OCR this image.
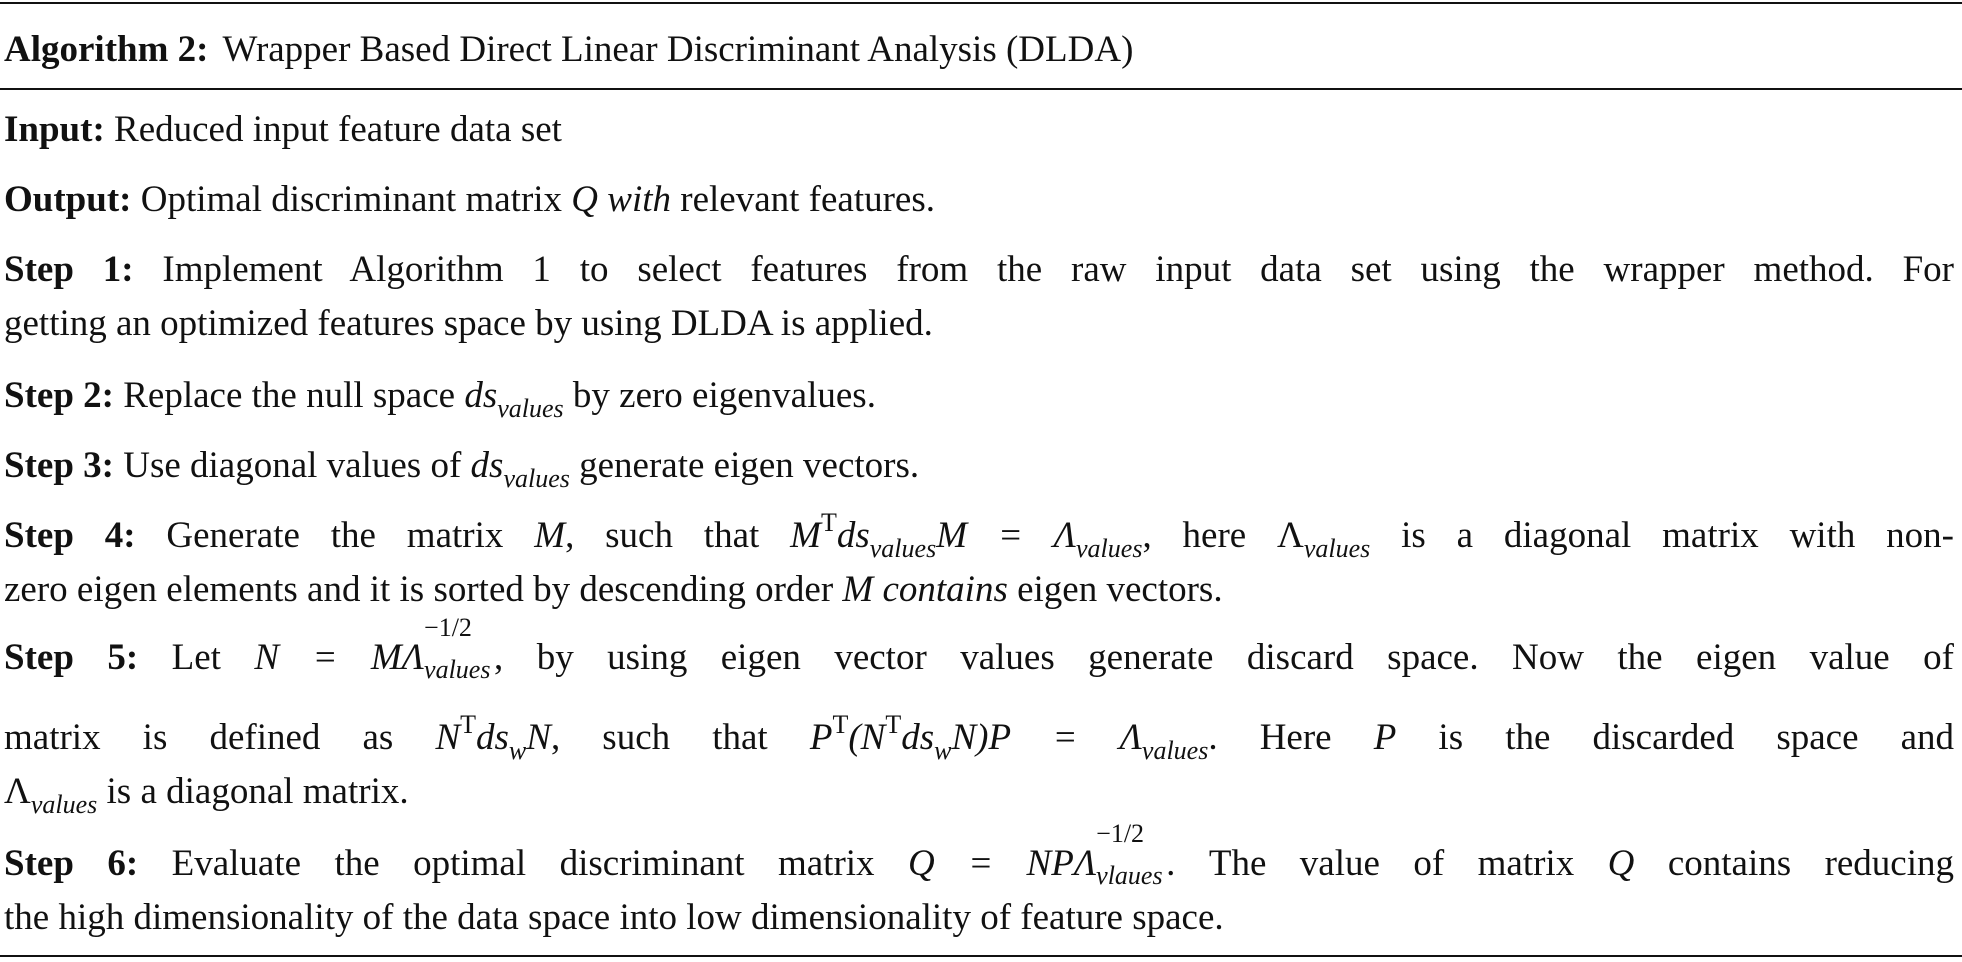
Algorithm 2: Wrapper Based Direct Linear Discriminant Analysis (DLDA)
Input: Reduced input feature data set
Output: Optimal discriminant matrix Q with relevant features.
Step 1: Implement Algorithm 1 to select features from the raw input data set using the wrapper method. For
getting an optimized features space by using DLDA is applied.
Step 2: Replace the null space $ds_{values}$ by zero eigenvalues.
Step 3: Use diagonal values of $ds_{values}$ generate eigen vectors.
Step 4: Generate the matrix M, such that $M^Tds_{values}M = \Lambda_{values}$, here $\Lambda_{values}$ is a diagonal matrix with non-
zero eigen elements and it is sorted by descending order M contains eigen vectors.
Step 5: Let N = MΛ
−1/2
values , by using eigen vector values generate discard space. Now the eigen value of
matrix is defined as $N^Tds_wN$, such that $P^T(N^Tds_wN)P = \Lambda_{values}$. Here P is the discarded space and
$\Lambda_{values}$ is a diagonal matrix.
Step 6: Evaluate the optimal discriminant matrix Q = NPΛ
−1/2
vlaues . The value of matrix Q contains reducing
the high dimensionality of the data space into low dimensionality of feature space.
